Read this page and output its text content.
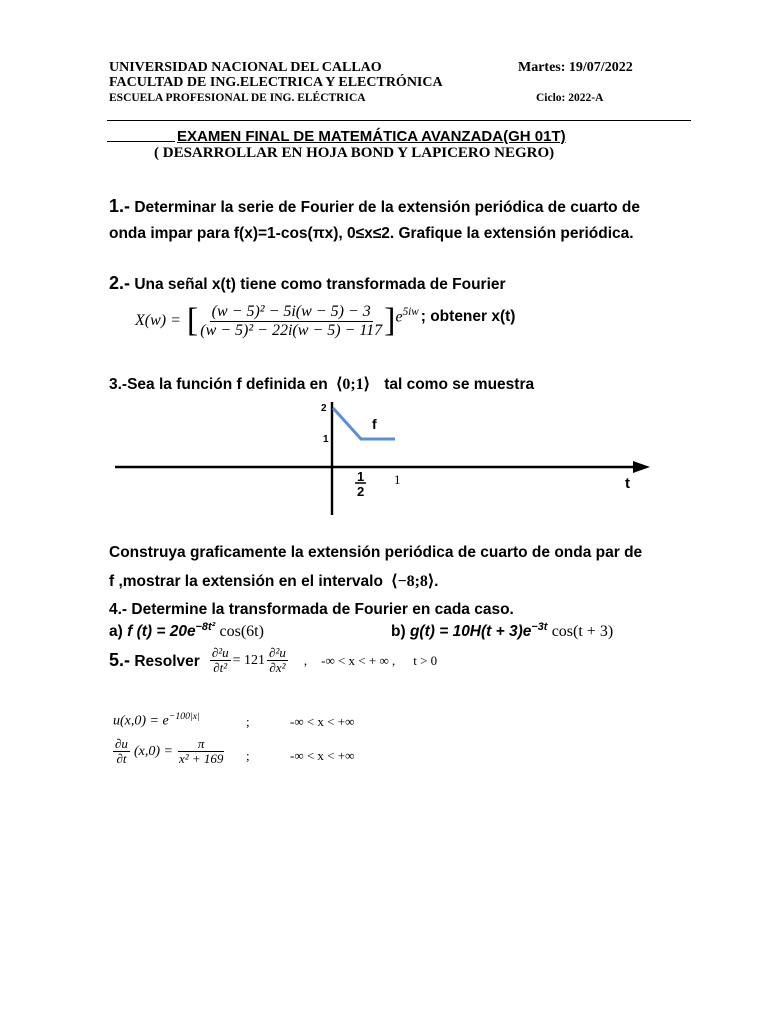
UNIVERSIDAD NACIONAL DEL CALLAO
FACULTAD DE ING.ELECTRICA Y ELECTRÓNICA
ESCUELA PROFESIONAL DE ING. ELÉCTRICA
Martes: 19/07/2022
Ciclo: 2022-A
EXAMEN FINAL DE MATEMÁTICA AVANZADA(GH 01T)
( DESARROLLAR EN HOJA BOND Y LAPICERO NEGRO)
1.- Determinar la serie de Fourier de la extensión periódica de cuarto de
onda impar para f(x)=1-cos(πx), 0≤x≤2. Grafique la extensión periódica.
2.- Una señal x(t) tiene como transformada de Fourier
X(w) = [ $\frac{\text{(w − 5)² − 5i(w − 5) − 3}}{\text{(w − 5)² − 22i(w − 5) − 117}}$ ] $e^{5iw}$ ; obtener x(t)
3.-Sea la función f definida en ⟨0;1⟩ tal como se muestra
2
1
f
1
2
1	t
Construya graficamente la extensión periódica de cuarto de onda par de
f ,mostrar la extensión en el intervalo ⟨−8;8⟩.
4.- Determine la transformada de Fourier en cada caso.
a) f $(t) = 20e^{-8t^2}$ cos(6t)	b) $g(t) = 10H(t + 3)e^{-3t}$ cos(t + 3)
5.- Resolver $\frac{\text{∂²u}}{\text{∂t²}} = 121 \frac{\text{∂²u}}{\text{∂x²}}$ , -∞ < x < + ∞ , t > 0
$u(x,0) = e^{-100|x|}$	;	-∞ < x < +∞
$\frac{\partial u}{\partial t} (x,0) = \frac{\pi}{\text{x² + 169}}$ ;	-∞ < x < +∞
